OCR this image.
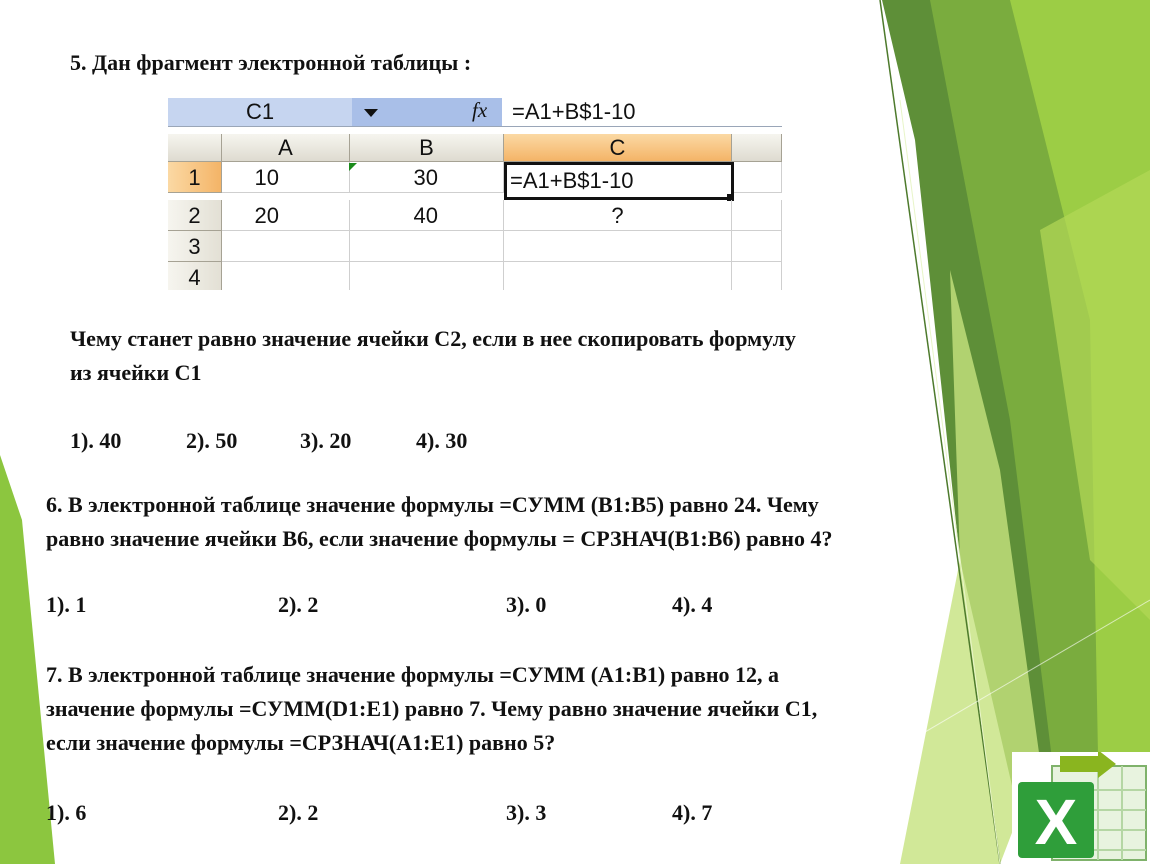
5. Дан фрагмент электронной таблицы :
C1	fx =A1+B$1-10
A	B	C
1	10	30	=A1+B$1-10
2	20	40	?
3
4
Чему станет равно значение ячейки С2, если в нее скопировать формулу
из ячейки С1
1). 40	2). 50	3). 20	4). 30
6. В электронной таблице значение формулы =СУММ (В1:В5) равно 24. Чему
равно значение ячейки В6, если значение формулы = СРЗНАЧ(В1:В6) равно 4?
1). 1	2). 2	3). 0	4). 4
7. В электронной таблице значение формулы =СУММ (А1:В1) равно 12, а
значение формулы =СУММ(D1:Е1) равно 7. Чему равно значение ячейки С1,
если значение формулы =СРЗНАЧ(А1:Е1) равно 5?
1). 6	2). 2	3). 3	4). 7	X
